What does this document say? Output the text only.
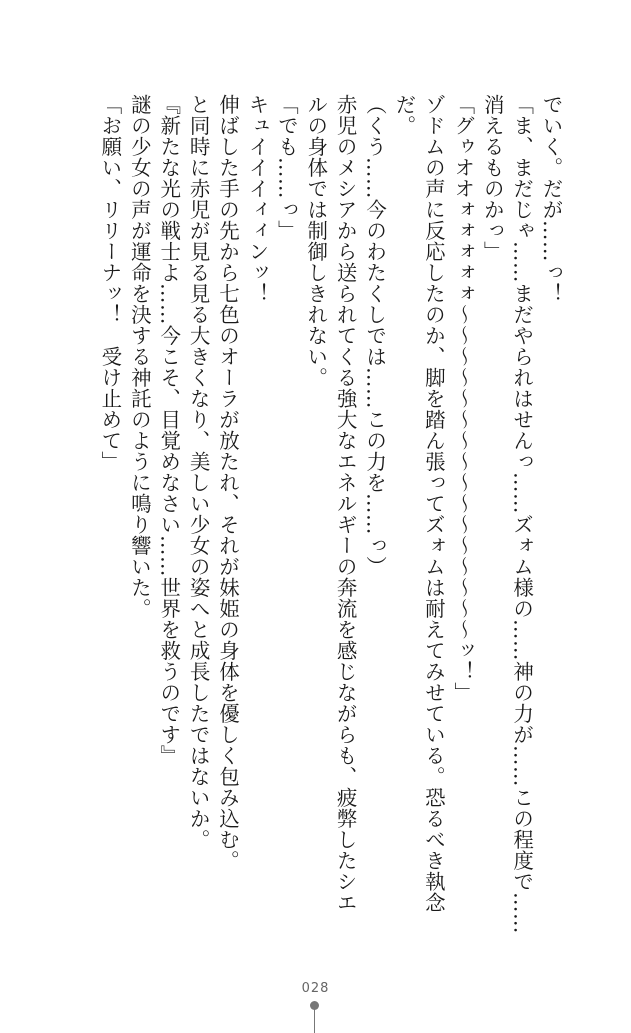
でいく。だが……っ！
「ま、まだじゃ……まだやられはせんっ……ズォム様の……神の力が……この程度で……
消えるものかっ」
「グゥオオォォォォォ～～～～～～～～～～～～～～～～ッ！」
ゾドムの声に反応したのか、脚を踏ん張ってズォムは耐えてみせている。恐るべき執念
だ。
（くう……今のわたくしでは……この力を……っ）
赤児のメシアから送られてくる強大なエネルギーの奔流を感じながらも、疲弊したシエ
ルの身体では制御しきれない。
「でも……っ」
キュイイイィィンッ！
伸ばした手の先から七色のオーラが放たれ、それが妹姫の身体を優しく包み込む。
と同時に赤児が見る見る大きくなり、美しい少女の姿へと成長したではないか。
『新たな光の戦士よ……今こそ、目覚めなさい……世界を救うのです』
謎の少女の声が運命を決する神託のように鳴り響いた。
「お願い、リリーナッ！　受け止めて」
028
